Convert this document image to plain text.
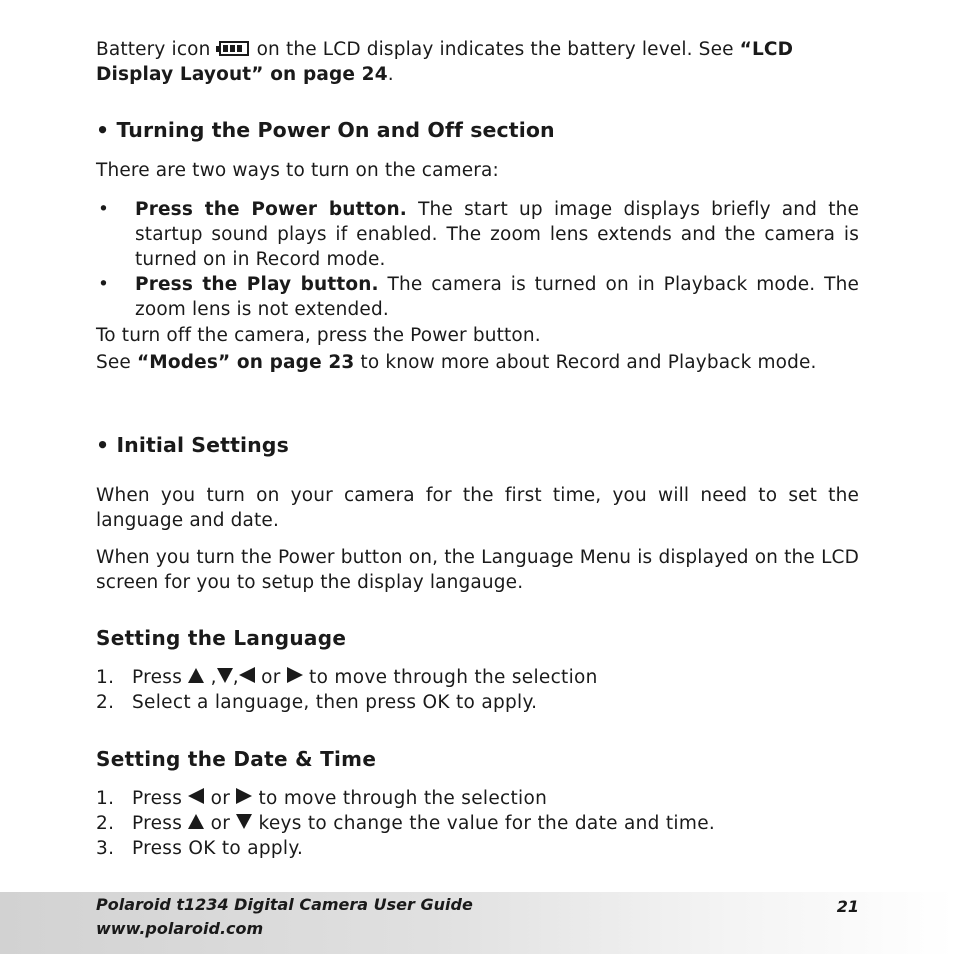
Battery icon
on the LCD display indicates the battery level. See “LCD
Display Layout” on page 24.

• Turning the Power On and Off section

There are two ways to turn on the camera:

•	Press the Power button. The start up image displays briefly and the startup sound plays if enabled. The zoom lens extends and the camera is turned on in Record mode.
•	Press the Play button. The camera is turned on in Playback mode. The zoom lens is not extended.

To turn off the camera, press the Power button.

See “Modes” on page 23 to know more about Record and Playback mode.

• Initial Settings

When you turn on your camera for the first time, you will need to set the language and date.

When you turn the Power button on, the Language Menu is displayed on the LCD screen for you to setup the display langauge.

Setting the Language
1. Press  , , or  to move through the selection
2. Select a language, then press OK to apply.
Setting the Date & Time
1. Press  or  to move through the selection
2. Press  or  keys to change the value for the date and time.
3. Press OK to apply.
Polaroid t1234 Digital Camera User Guide
www.polaroid.com
21
